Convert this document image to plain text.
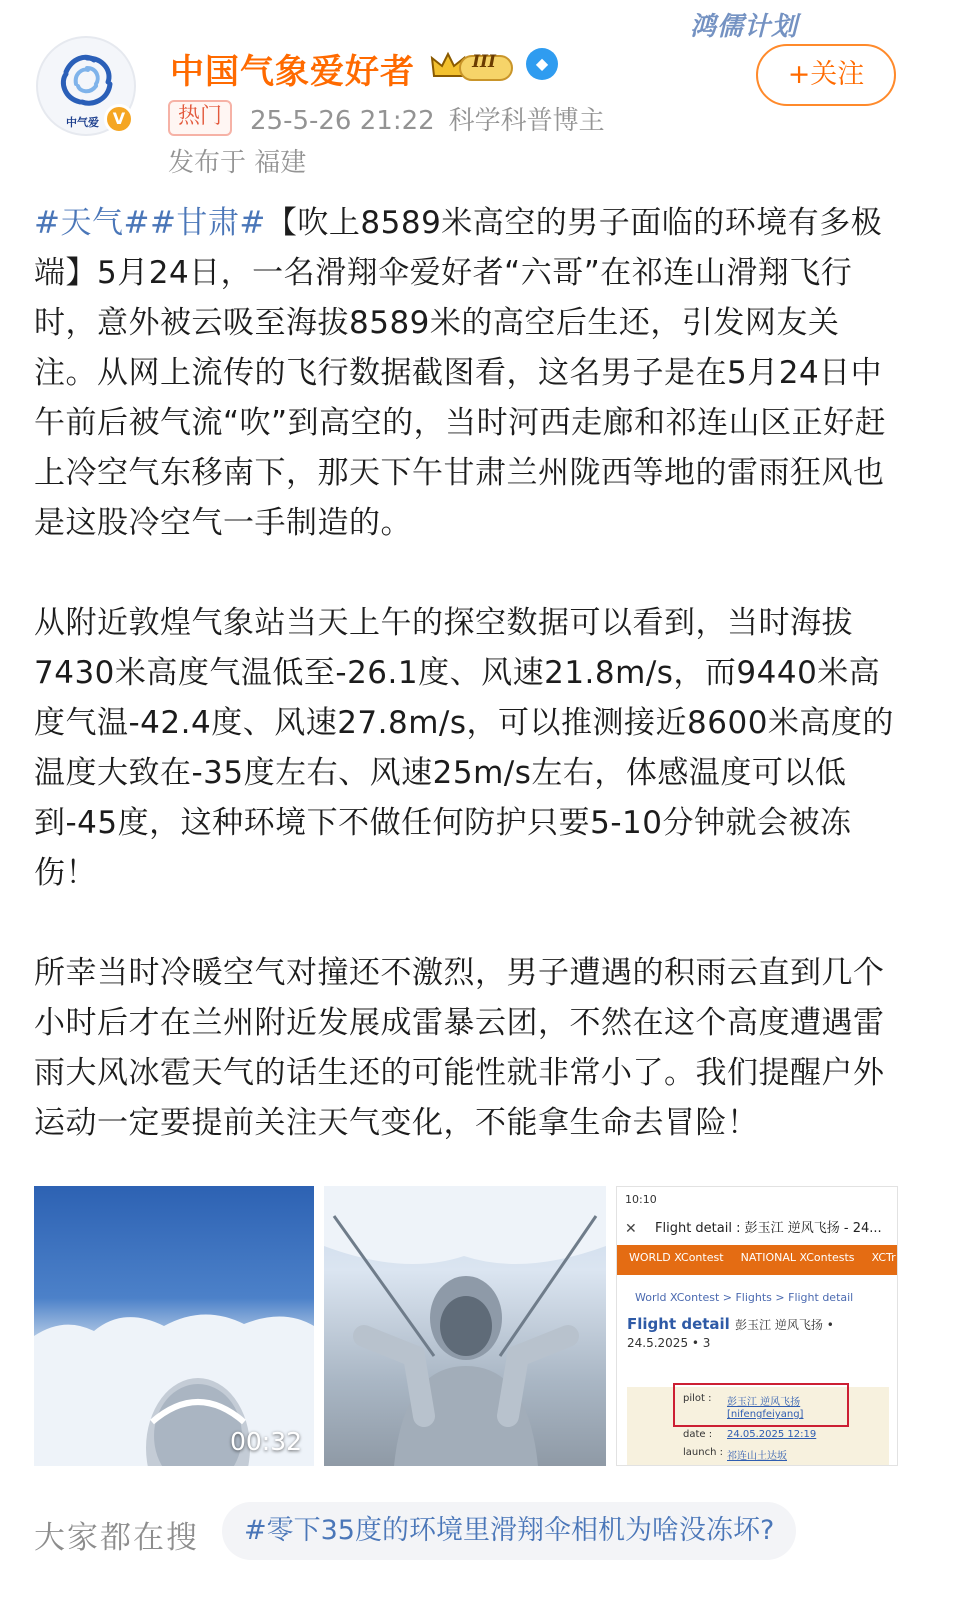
鸿儒计划
中气爱 V
中国气象爱好者	III	◆
热门	25-5-26 21:22 科学科普博主
发布于 福建
+关注

#天气##甘肃#【吹上8589米高空的男子面临的环境有多极端】5月24日，一名滑翔伞爱好者“六哥”在祁连山滑翔飞行时，意外被云吸至海拔8589米的高空后生还，引发网友关注。从网上流传的飞行数据截图看，这名男子是在5月24日中午前后被气流“吹”到高空的，当时河西走廊和祁连山区正好赶上冷空气东移南下，那天下午甘肃兰州陇西等地的雷雨狂风也是这股冷空气一手制造的。

从附近敦煌气象站当天上午的探空数据可以看到，当时海拔7430米高度气温低至-26.1度、风速21.8m/s，而9440米高度气温-42.4度、风速27.8m/s，可以推测接近8600米高度的温度大致在-35度左右、风速25m/s左右，体感温度可以低到-45度，这种环境下不做任何防护只要5-10分钟就会被冻伤！

所幸当时冷暖空气对撞还不激烈，男子遭遇的积雨云直到几个小时后才在兰州附近发展成雷暴云团，不然在这个高度遭遇雷雨大风冰雹天气的话生还的可能性就非常小了。我们提醒户外运动一定要提前关注天气变化，不能拿生命去冒险！

00:32
10:10
✕ Flight detail : 彭玉江 逆风飞扬 - 24...
WORLD XContest NATIONAL XContests XCTr
World XContest > Flights > Flight detail
Flight detail 彭玉江 逆风飞扬 • 24.5.2025 • 3
pilot : 彭玉江 逆风飞扬
[nifengfeiyang]
date : 24.05.2025 12:19
launch : 祁连山土达坂
大家都在搜	#零下35度的环境里滑翔伞相机为啥没冻坏?
